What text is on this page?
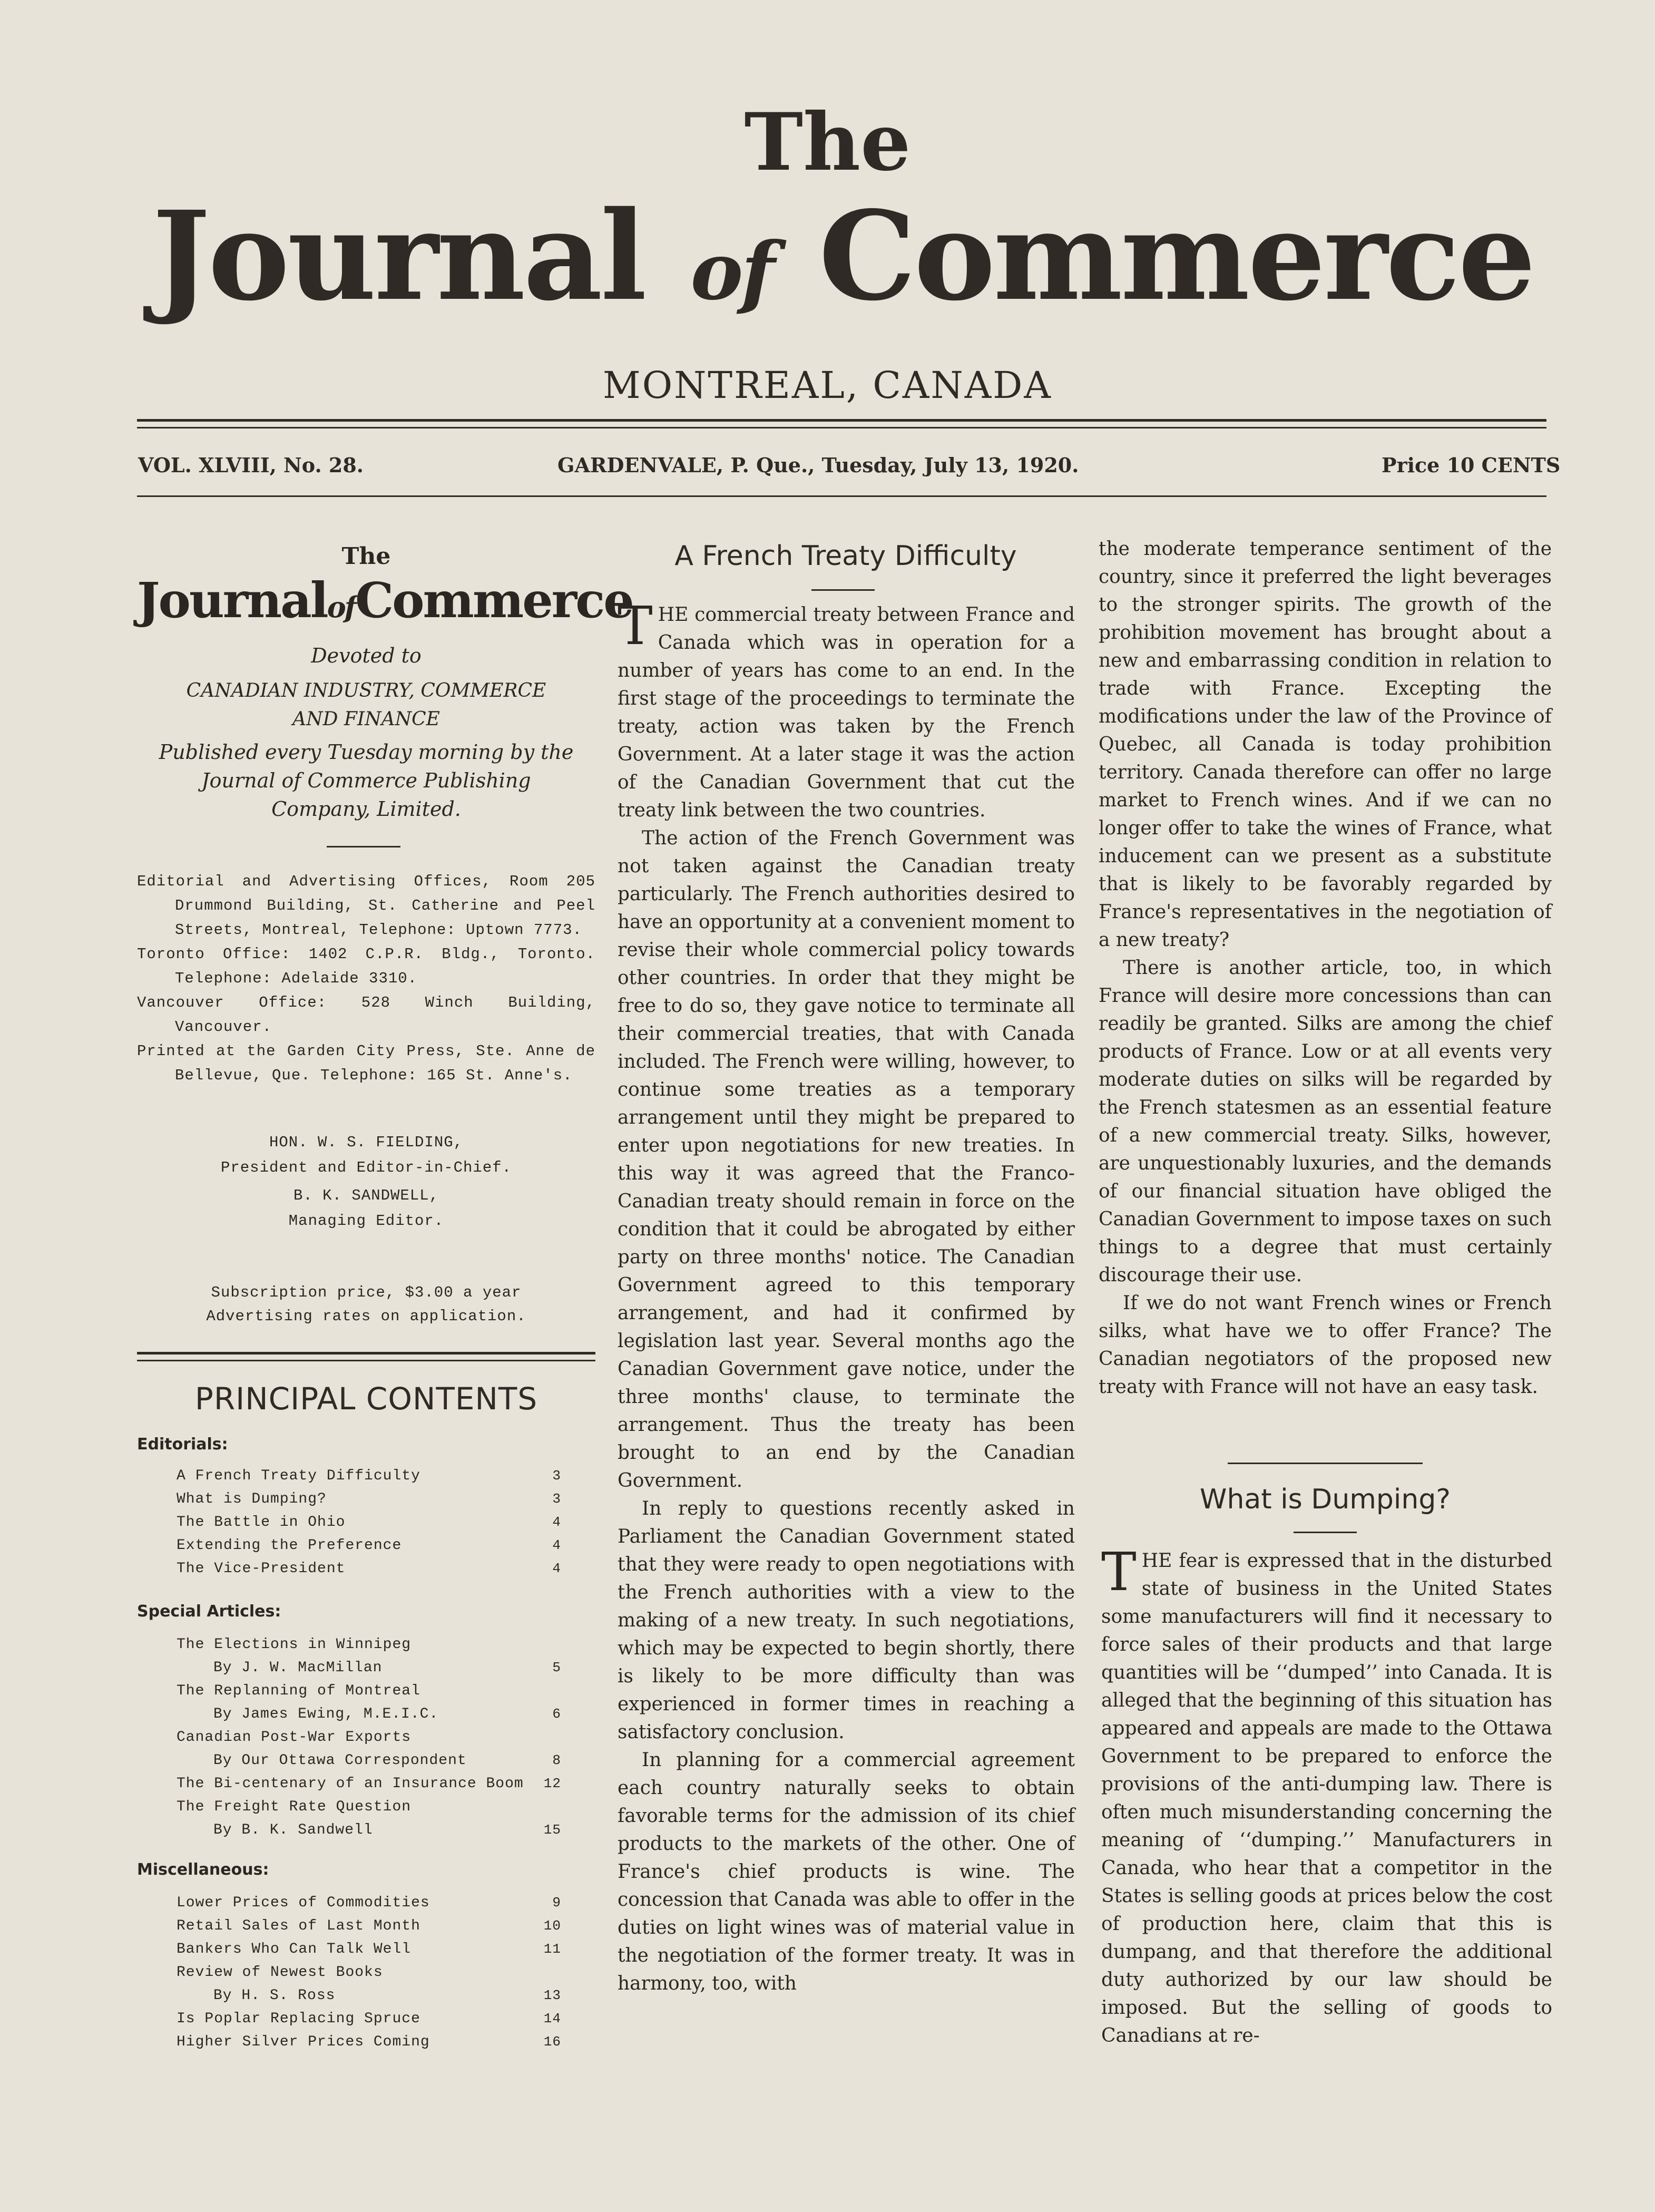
The
Journal of Commerce
MONTREAL, CANADA
VOL. XLVIII, No. 28.	GARDENVALE, P. Que., Tuesday, July 13, 1920.	Price 10 CENTS
The
JournalofCommerce
Devoted to
CANADIAN INDUSTRY, COMMERCE
AND FINANCE
Published every Tuesday morning by the
Journal of Commerce Publishing
Company, Limited.

Editorial and Advertising Offices, Room 205 Drummond Building, St. Catherine and Peel Streets, Montreal, Telephone: Uptown 7773.

Toronto Office: 1402 C.P.R. Bldg., Toronto. Telephone: Adelaide 3310.

Vancouver Office: 528 Winch Building, Vancouver.

Printed at the Garden City Press, Ste. Anne de Bellevue, Que. Telephone: 165 St. Anne's.

HON. W. S. FIELDING,
President and Editor-in-Chief.
B. K. SANDWELL,
Managing Editor.
Subscription price, $3.00 a year
Advertising rates on application.
PRINCIPAL CONTENTS
Editorials:
A French Treaty Difficulty	3
What is Dumping?	3
The Battle in Ohio	4
Extending the Preference	4
The Vice-President	4
Special Articles:
The Elections in Winnipeg
By J. W. MacMillan	5
The Replanning of Montreal
By James Ewing, M.E.I.C.	6
Canadian Post-War Exports
By Our Ottawa Correspondent	8
The Bi-centenary of an Insurance Boom 12
The Freight Rate Question
By B. K. Sandwell	15
Miscellaneous:
Lower Prices of Commodities	9
Retail Sales of Last Month	10
Bankers Who Can Talk Well	11
Review of Newest Books
By H. S. Ross	13
Is Poplar Replacing Spruce	14
Higher Silver Prices Coming	16
A French Treaty Difficulty

THE commercial treaty between France and Canada which was in operation for a number of years has come to an end. In the first stage of the proceedings to terminate the treaty, action was taken by the French Government. At a later stage it was the action of the Canadian Government that cut the treaty link between the two countries.

The action of the French Government was not taken against the Canadian treaty particularly. The French authorities desired to have an opportunity at a convenient moment to revise their whole commercial policy towards other countries. In order that they might be free to do so, they gave notice to terminate all their commercial treaties, that with Canada included. The French were willing, however, to continue some treaties as a temporary arrangement until they might be prepared to enter upon negotiations for new treaties. In this way it was agreed that the Franco-Canadian treaty should remain in force on the condition that it could be abrogated by either party on three months' notice. The Canadian Government agreed to this temporary arrangement, and had it confirmed by legislation last year. Several months ago the Canadian Government gave notice, under the three months' clause, to terminate the arrangement. Thus the treaty has been brought to an end by the Canadian Government.

In reply to questions recently asked in Parliament the Canadian Government stated that they were ready to open negotiations with the French authorities with a view to the making of a new treaty. In such negotiations, which may be expected to begin shortly, there is likely to be more difficulty than was experienced in former times in reaching a satisfactory conclusion.

In planning for a commercial agreement each country naturally seeks to obtain favorable terms for the admission of its chief products to the markets of the other. One of France's chief products is wine. The concession that Canada was able to offer in the duties on light wines was of material value in the negotiation of the former treaty. It was in harmony, too, with

the moderate temperance sentiment of the country, since it preferred the light beverages to the stronger spirits. The growth of the prohibition movement has brought about a new and embarrassing condition in relation to trade with France. Excepting the modifications under the law of the Province of Quebec, all Canada is today prohibition territory. Canada therefore can offer no large market to French wines. And if we can no longer offer to take the wines of France, what inducement can we present as a substitute that is likely to be favorably regarded by France's representatives in the negotiation of a new treaty?

There is another article, too, in which France will desire more concessions than can readily be granted. Silks are among the chief products of France. Low or at all events very moderate duties on silks will be regarded by the French statesmen as an essential feature of a new commercial treaty. Silks, however, are unquestionably luxuries, and the demands of our financial situation have obliged the Canadian Government to impose taxes on such things to a degree that must certainly discourage their use.

If we do not want French wines or French silks, what have we to offer France? The Canadian negotiators of the proposed new treaty with France will not have an easy task.

What is Dumping?

THE fear is expressed that in the disturbed state of business in the United States some manufacturers will find it necessary to force sales of their products and that large quantities will be ‘‘dumped’’ into Canada. It is alleged that the beginning of this situation has appeared and appeals are made to the Ottawa Government to be prepared to enforce the provisions of the anti-dumping law. There is often much misunderstanding concerning the meaning of ‘‘dumping.’’ Manufacturers in Canada, who hear that a competitor in the States is selling goods at prices below the cost of production here, claim that this is dumpang, and that therefore the additional duty authorized by our law should be imposed. But the selling of goods to Canadians at re-
